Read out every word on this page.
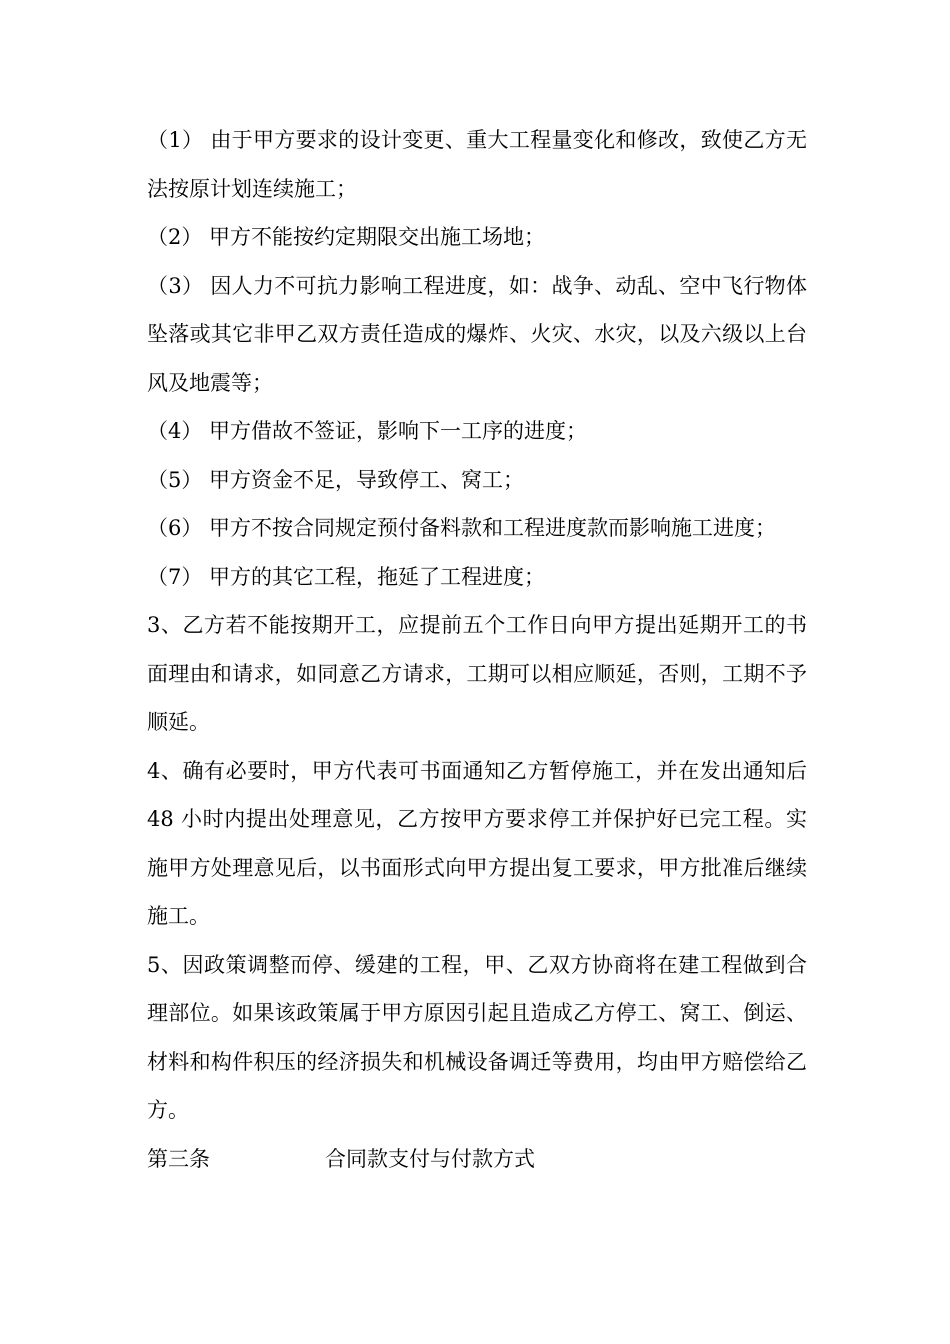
（1） 由于甲方要求的设计变更、重大工程量变化和修改，致使乙方无法按原计划连续施工；

（2） 甲方不能按约定期限交出施工场地；

（3） 因人力不可抗力影响工程进度，如：战争、动乱、空中飞行物体坠落或其它非甲乙双方责任造成的爆炸、火灾、水灾，以及六级以上台风及地震等；

（4） 甲方借故不签证，影响下一工序的进度；

（5） 甲方资金不足，导致停工、窝工；

（6） 甲方不按合同规定预付备料款和工程进度款而影响施工进度；

（7） 甲方的其它工程，拖延了工程进度；

3、乙方若不能按期开工，应提前五个工作日向甲方提出延期开工的书面理由和请求，如同意乙方请求，工期可以相应顺延，否则，工期不予顺延。

4、确有必要时，甲方代表可书面通知乙方暂停施工，并在发出通知后 48 小时内提出处理意见，乙方按甲方要求停工并保护好已完工程。实施甲方处理意见后，以书面形式向甲方提出复工要求，甲方批准后继续施工。

5、因政策调整而停、缓建的工程，甲、乙双方协商将在建工程做到合理部位。如果该政策属于甲方原因引起且造成乙方停工、窝工、倒运、材料和构件积压的经济损失和机械设备调迁等费用，均由甲方赔偿给乙方。

第三条	合同款支付与付款方式
